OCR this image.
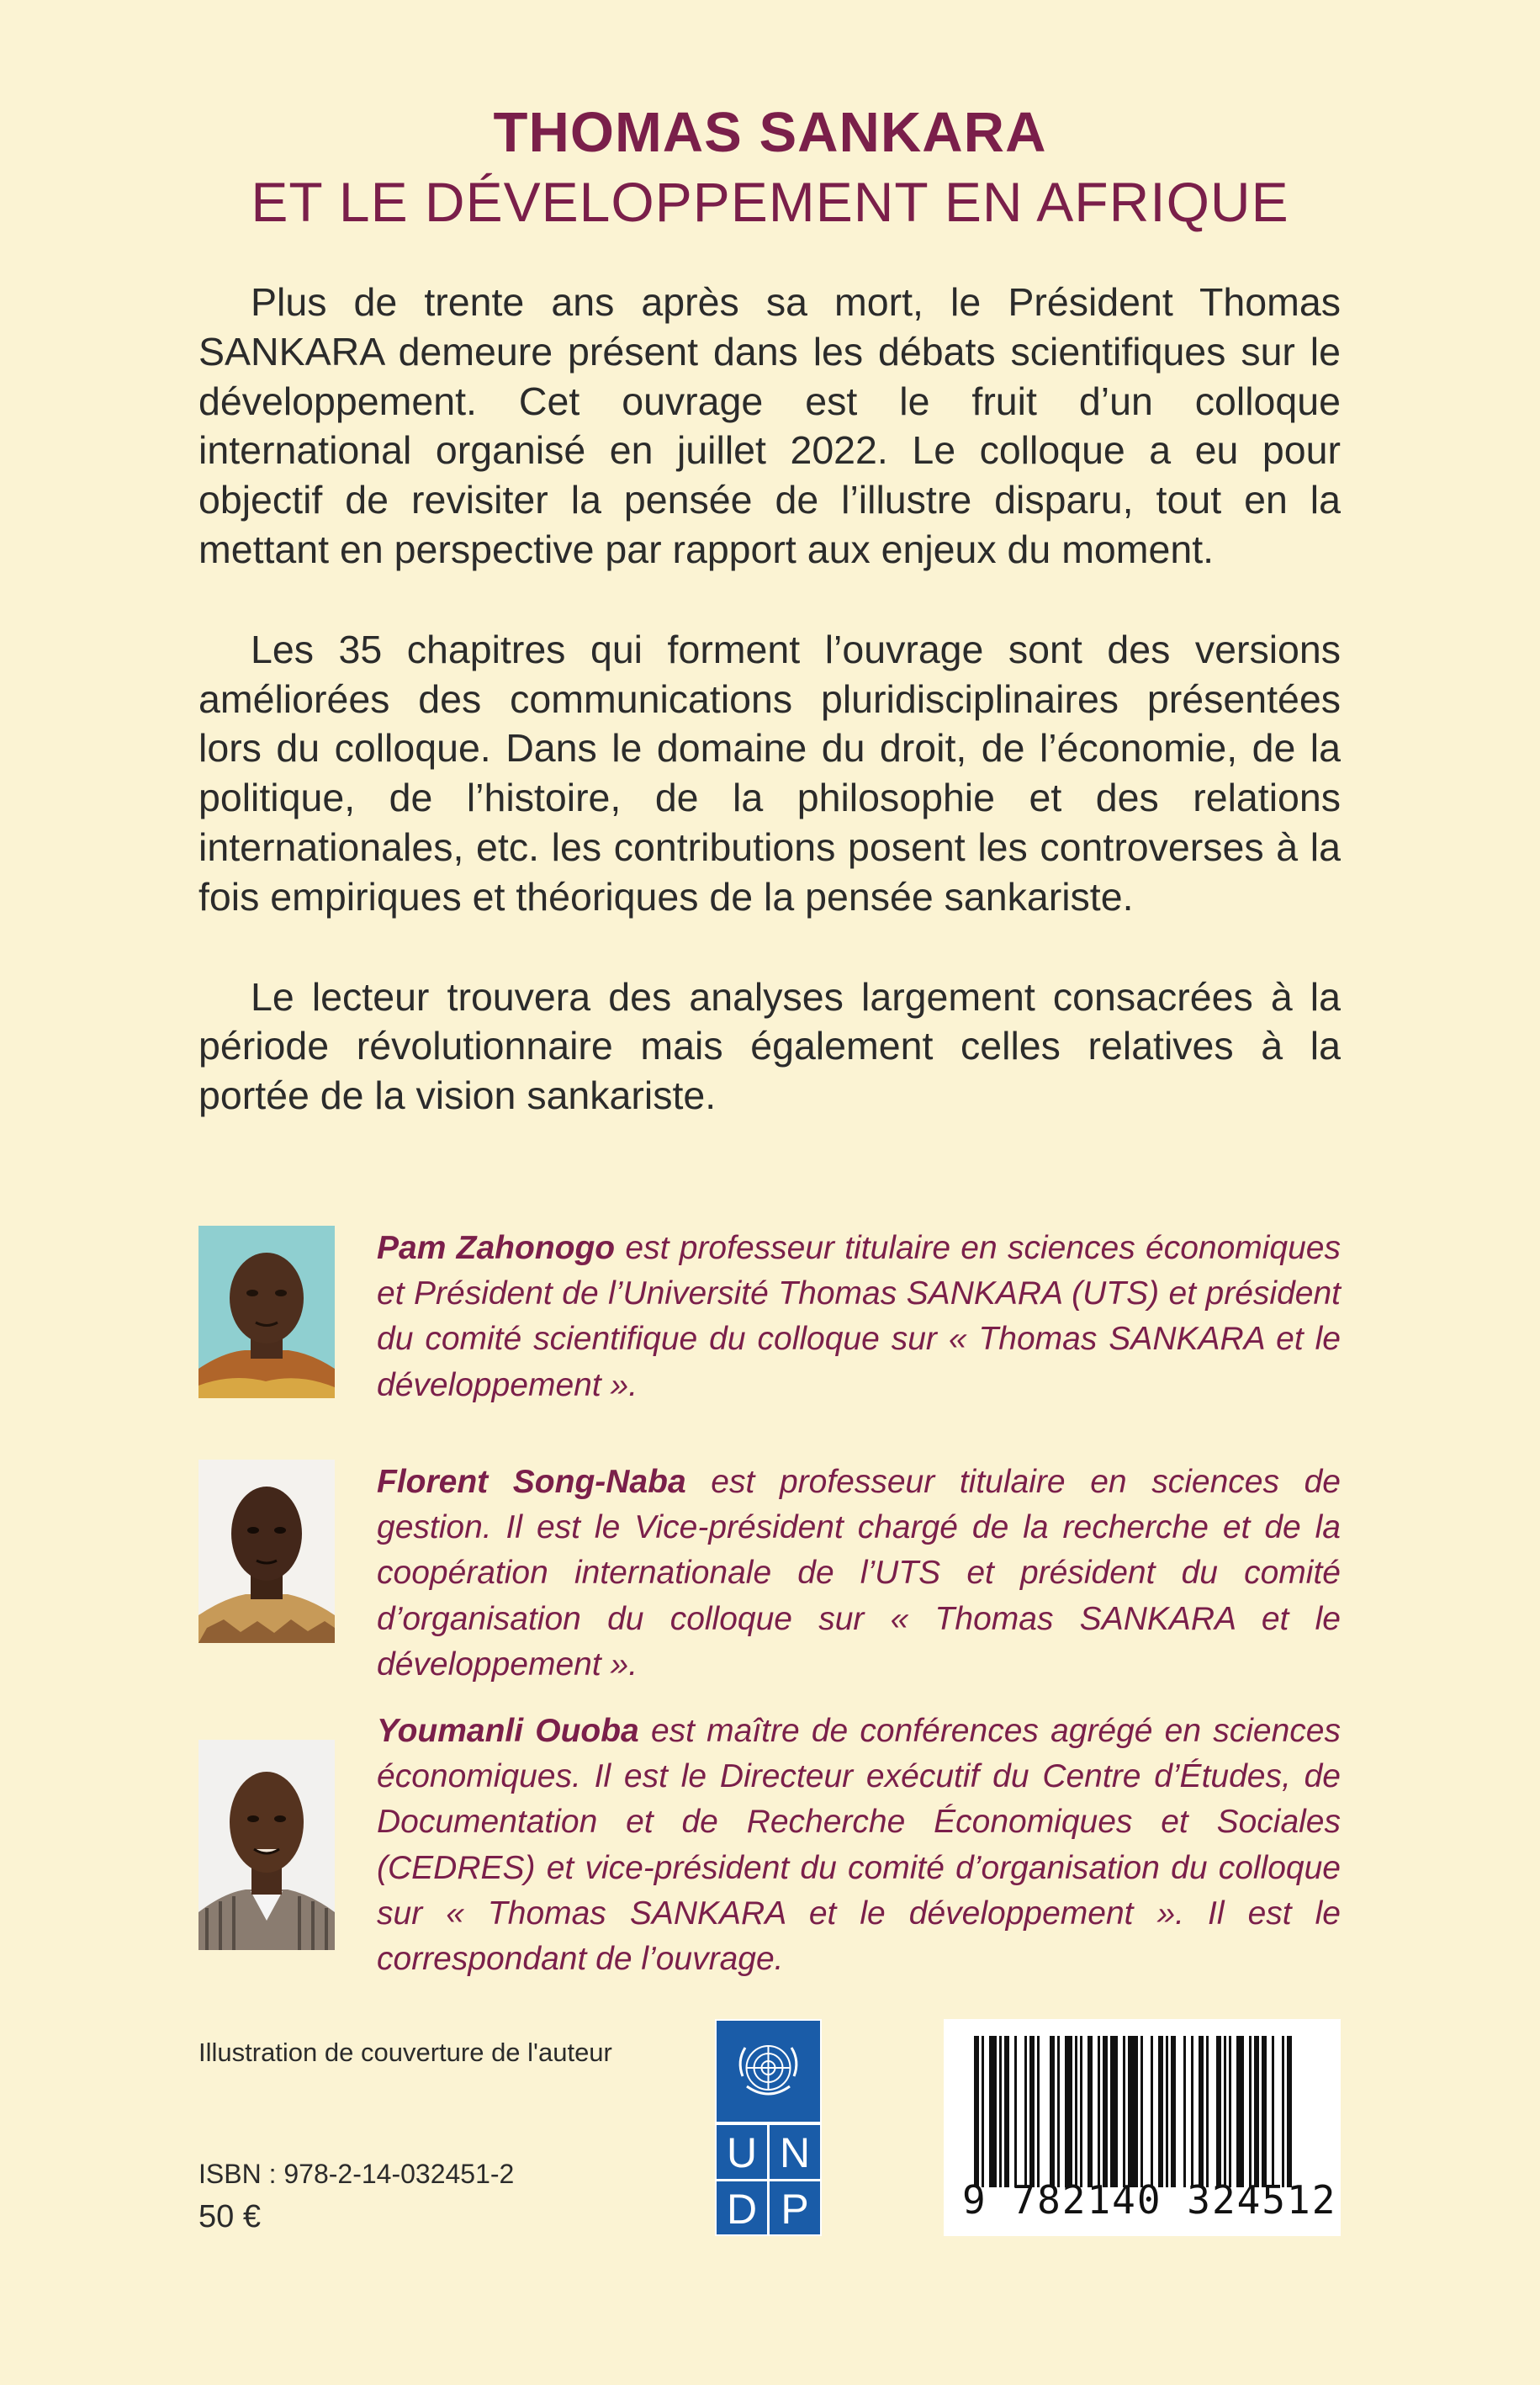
THOMAS SANKARA
ET LE DÉVELOPPEMENT EN AFRIQUE

Plus de trente ans après sa mort, le Président Thomas SANKARA demeure présent dans les débats scientifiques sur le développement. Cet ouvrage est le fruit d’un colloque international organisé en juillet 2022. Le colloque a eu pour objectif de revisiter la pensée de l’illustre disparu, tout en la mettant en perspective par rapport aux enjeux du moment.

Les 35 chapitres qui forment l’ouvrage sont des versions améliorées des communications pluridisciplinaires présentées lors du colloque. Dans le domaine du droit, de l’économie, de la politique, de l’histoire, de la philosophie et des relations internationales, etc. les contributions posent les controverses à la fois empiriques et théoriques de la pensée sankariste.

Le lecteur trouvera des analyses largement consacrées à la période révolutionnaire mais également celles relatives à la portée de la vision sankariste.

Pam Zahonogo est professeur titulaire en sciences économiques et Président de l’Université Thomas SANKARA (UTS) et président du comité scientifique du colloque sur « Thomas SANKARA et le développement ».

Florent Song-Naba est professeur titulaire en sciences de gestion. Il est le Vice-président chargé de la recherche et de la coopération internationale de l’UTS et président du comité d’organisation du colloque sur « Thomas SANKARA et le développement ».

Youmanli Ouoba est maître de conférences agrégé en sciences économiques. Il est le Directeur exécutif du Centre d’Études, de Documentation et de Recherche Économiques et Sociales (CEDRES) et vice-président du comité d’organisation du colloque sur « Thomas SANKARA et le développement ». Il est le correspondant de l’ouvrage.

Illustration de couverture de l'auteur
ISBN : 978-2-14-032451-2
50 €
U N
D P	9 782140 324512
